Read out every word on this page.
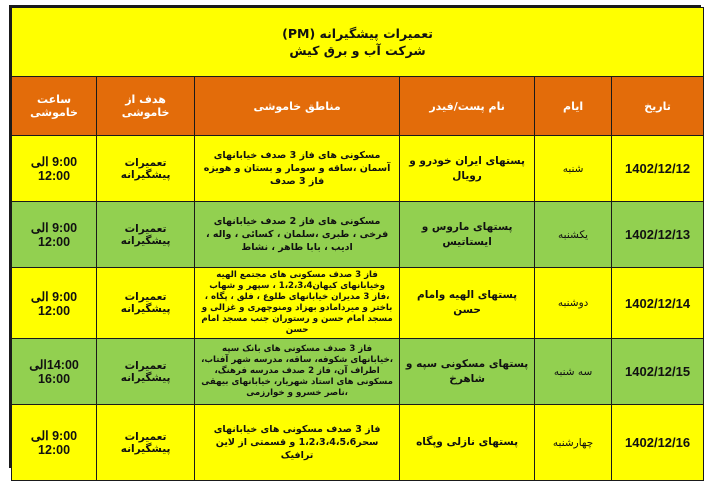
تعمیرات پیشگیرانه (PM)
شرکت آب و برق کیش					

تاریخ	ایام	نام پست/فیدر	مناطق خاموشی	هدف از خاموشی	ساعت خاموشی
1402/12/12	شنبه	پستهای ایران خودرو و رویال	مسکونی های فاز 3 صدف خیابانهای آسمان ،ساقه و سومار و بستان و هویزه فاز 3 صدف	تعمیرات پیشگیرانه	9:00 الی 12:00
1402/12/13	یکشنبه	پستهای ماروس و ایستاتیس	مسکونی های فاز 2 صدف خیابانهای فرخی ، طبری ،سلمان ، کسائی ، واله ، ادیب ، بابا طاهر ، نشاط	تعمیرات پیشگیرانه	9:00 الی 12:00
1402/12/14	دوشنبه	پستهای الهیه وامام حسن	فاز 3 صدف مسکونی های مجتمع الهیه وخیابانهای کیهان1،2،3،4 ، سپهر و شهاب ،فاز 3 مدیران خیابانهای طلوع ، فلق ، پگاه ، باختر و میردامادو بهزاد ومنوچهری و غزالی و مسجد امام حسن و رستوران جنب مسجد امام حسن	تعمیرات پیشگیرانه	9:00 الی 12:00
1402/12/15	سه شنبه	پستهای مسکونی سپه و شاهرخ	فاز 3 صدف مسکونی های بانک سپه ،خیابانهای شکوفه، ساقه، مدرسه شهر آفتاب، اطراف آن، فاز 2 صدف مدرسه فرهنگ، مسکونی های استاد شهریار، خیابانهای بیهقی ،ناصر خسرو و خوارزمی	تعمیرات پیشگیرانه	14:00الی 16:00
1402/12/16	چهارشنبه	پستهای نازلی وپگاه	فاز 3 صدف مسکونی های خیابانهای سحر1،2،3،4،5،6 و قسمتی از لاین ترافیک	تعمیرات پیشگیرانه	9:00 الی 12:00
